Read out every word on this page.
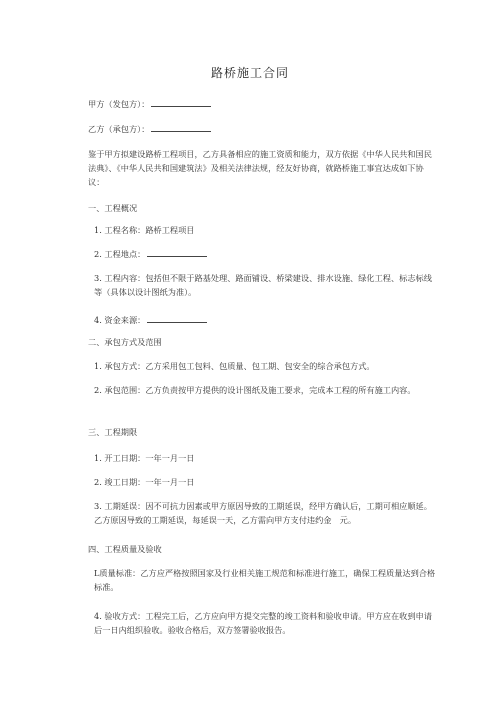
路桥施工合同
甲方（发包方）：
乙方（承包方）：
鉴于甲方拟建设路桥工程项目，乙方具备相应的施工资质和能力，双方依据《中华人民共和国民法典》、《中华人民共和国建筑法》及相关法律法规，经友好协商，就路桥施工事宜达成如下协议：
一、工程概况
1. 工程名称：路桥工程项目
2. 工程地点：
3. 工程内容：包括但不限于路基处理、路面铺设、桥梁建设、排水设施、绿化工程、标志标线等（具体以设计图纸为准）。
4. 资金来源：
二、承包方式及范围
1. 承包方式：乙方采用包工包料、包质量、包工期、包安全的综合承包方式。
2. 承包范围：乙方负责按甲方提供的设计图纸及施工要求，完成本工程的所有施工内容。
三、工程期限
1. 开工日期：一年一月一日
2. 竣工日期：一年一月一日
3. 工期延误：因不可抗力因素或甲方原因导致的工期延误，经甲方确认后，工期可相应顺延。乙方原因导致的工期延误，每延误一天，乙方需向甲方支付违约金　元。
四、工程质量及验收
L质量标准：乙方应严格按照国家及行业相关施工规范和标准进行施工，确保工程质量达到合格标准。
4. 验收方式：工程完工后，乙方应向甲方提交完整的竣工资料和验收申请。甲方应在收到申请后一日内组织验收。验收合格后，双方签署验收报告。
